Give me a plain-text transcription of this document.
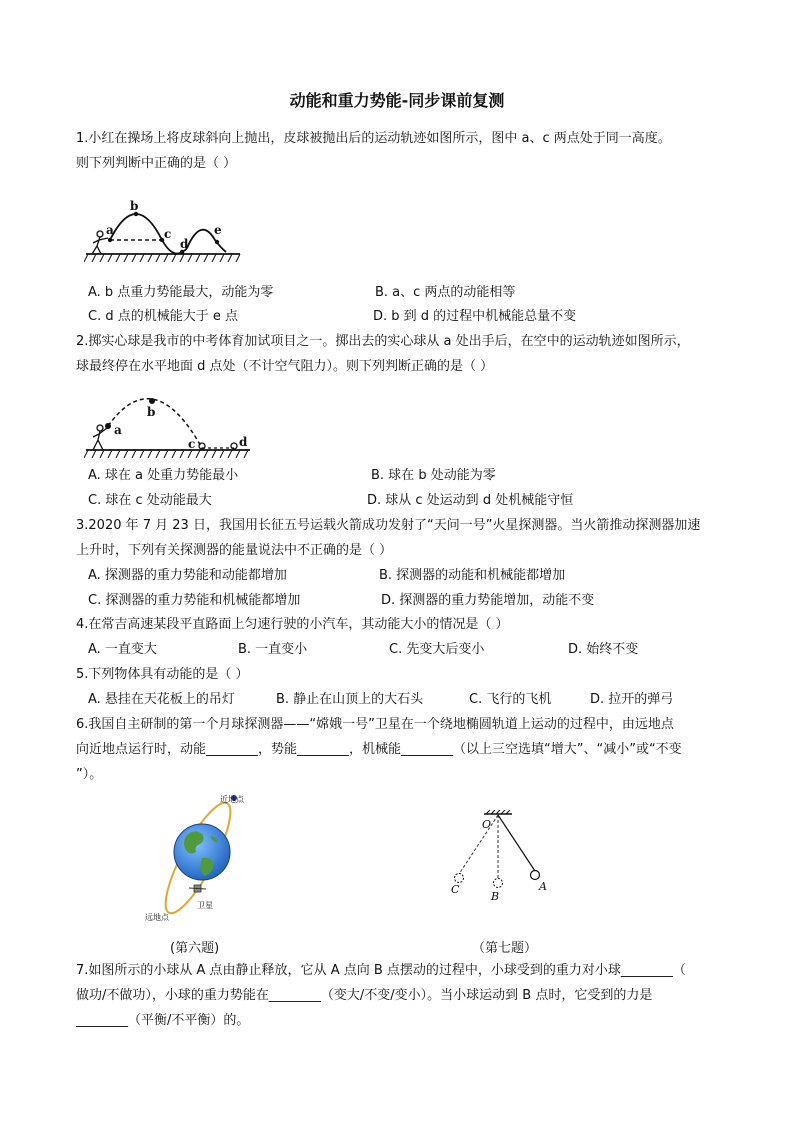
动能和重力势能-同步课前复测
1.小红在操场上将皮球斜向上抛出，皮球被抛出后的运动轨迹如图所示，图中 a、c 两点处于同一高度。
则下列判断中正确的是（ ）
a
b
c
d
e
A. b 点重力势能最大，动能为零	B. a、c 两点的动能相等
C. d 点的机械能大于 e 点	D. b 到 d 的过程中机械能总量不变
2.掷实心球是我市的中考体育加试项目之一。掷出去的实心球从 a 处出手后，在空中的运动轨迹如图所示，
球最终停在水平地面 d 点处（不计空气阻力）。则下列判断正确的是（ ）
a
b
c	d
A. 球在 a 处重力势能最小	B. 球在 b 处动能为零
C. 球在 c 处动能最大	D. 球从 c 处运动到 d 处机械能守恒
3.2020 年 7 月 23 日，我国用长征五号运载火箭成功发射了“天问一号”火星探测器。当火箭推动探测器加速
上升时，下列有关探测器的能量说法中不正确的是（ ）
A. 探测器的重力势能和动能都增加	B. 探测器的动能和机械能都增加
C. 探测器的重力势能和机械能都增加	D. 探测器的重力势能增加，动能不变
4.在常吉高速某段平直路面上匀速行驶的小汽车，其动能大小的情况是（ ）
A. 一直变大	B. 一直变小	C. 先变大后变小	D. 始终不变
5.下列物体具有动能的是（ ）
A. 悬挂在天花板上的吊灯	B. 静止在山顶上的大石头	C. 飞行的飞机	D. 拉开的弹弓
6.我国自主研制的第一个月球探测器——“嫦娥一号”卫星在一个绕地椭圆轨道上运动的过程中，由远地点
向近地点运行时，动能________，势能________，机械能________（以上三空选填“增大”、“减小”或“不变
”）。
近地点
卫星
远地点
O
C
B
A
(第六题)	（第七题）
7.如图所示的小球从 A 点由静止释放，它从 A 点向 B 点摆动的过程中，小球受到的重力对小球________（
做功/不做功），小球的重力势能在________（变大/不变/变小）。当小球运动到 B 点时，它受到的力是
________（平衡/不平衡）的。
